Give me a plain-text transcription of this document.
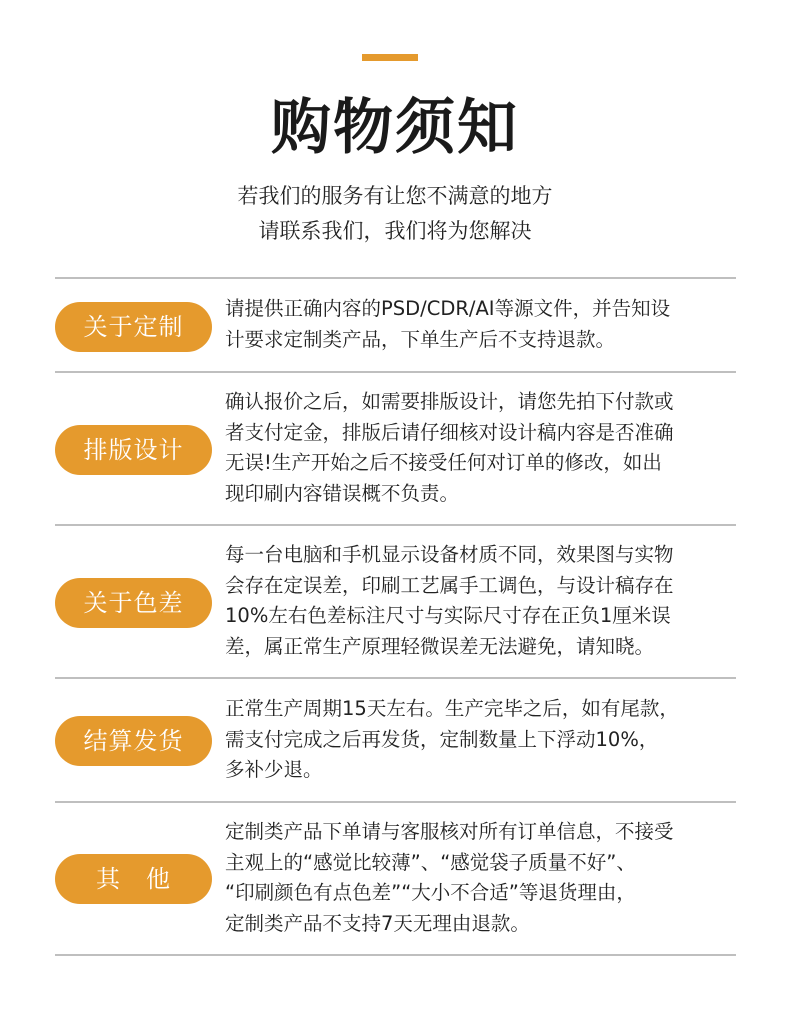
购物须知
若我们的服务有让您不满意的地方
请联系我们，我们将为您解决
关于定制

请提供正确内容的PSD/CDR/AI等源文件，并告知设
计要求定制类产品，下单生产后不支持退款。

排版设计

确认报价之后，如需要排版设计，请您先拍下付款或
者支付定金，排版后请仔细核对设计稿内容是否准确
无误!生产开始之后不接受任何对订单的修改，如出
现印刷内容错误概不负责。

关于色差

每一台电脑和手机显示设备材质不同，效果图与实物
会存在定误差，印刷工艺属手工调色，与设计稿存在
10%左右色差标注尺寸与实际尺寸存在正负1厘米误
差，属正常生产原理轻微误差无法避免，请知晓。

结算发货

正常生产周期15天左右。生产完毕之后，如有尾款，
需支付完成之后再发货，定制数量上下浮动10%，
多补少退。

其　他

定制类产品下单请与客服核对所有订单信息，不接受
主观上的“感觉比较薄”、“感觉袋子质量不好”、
“印刷颜色有点色差”“大小不合适”等退货理由，
定制类产品不支持7天无理由退款。
